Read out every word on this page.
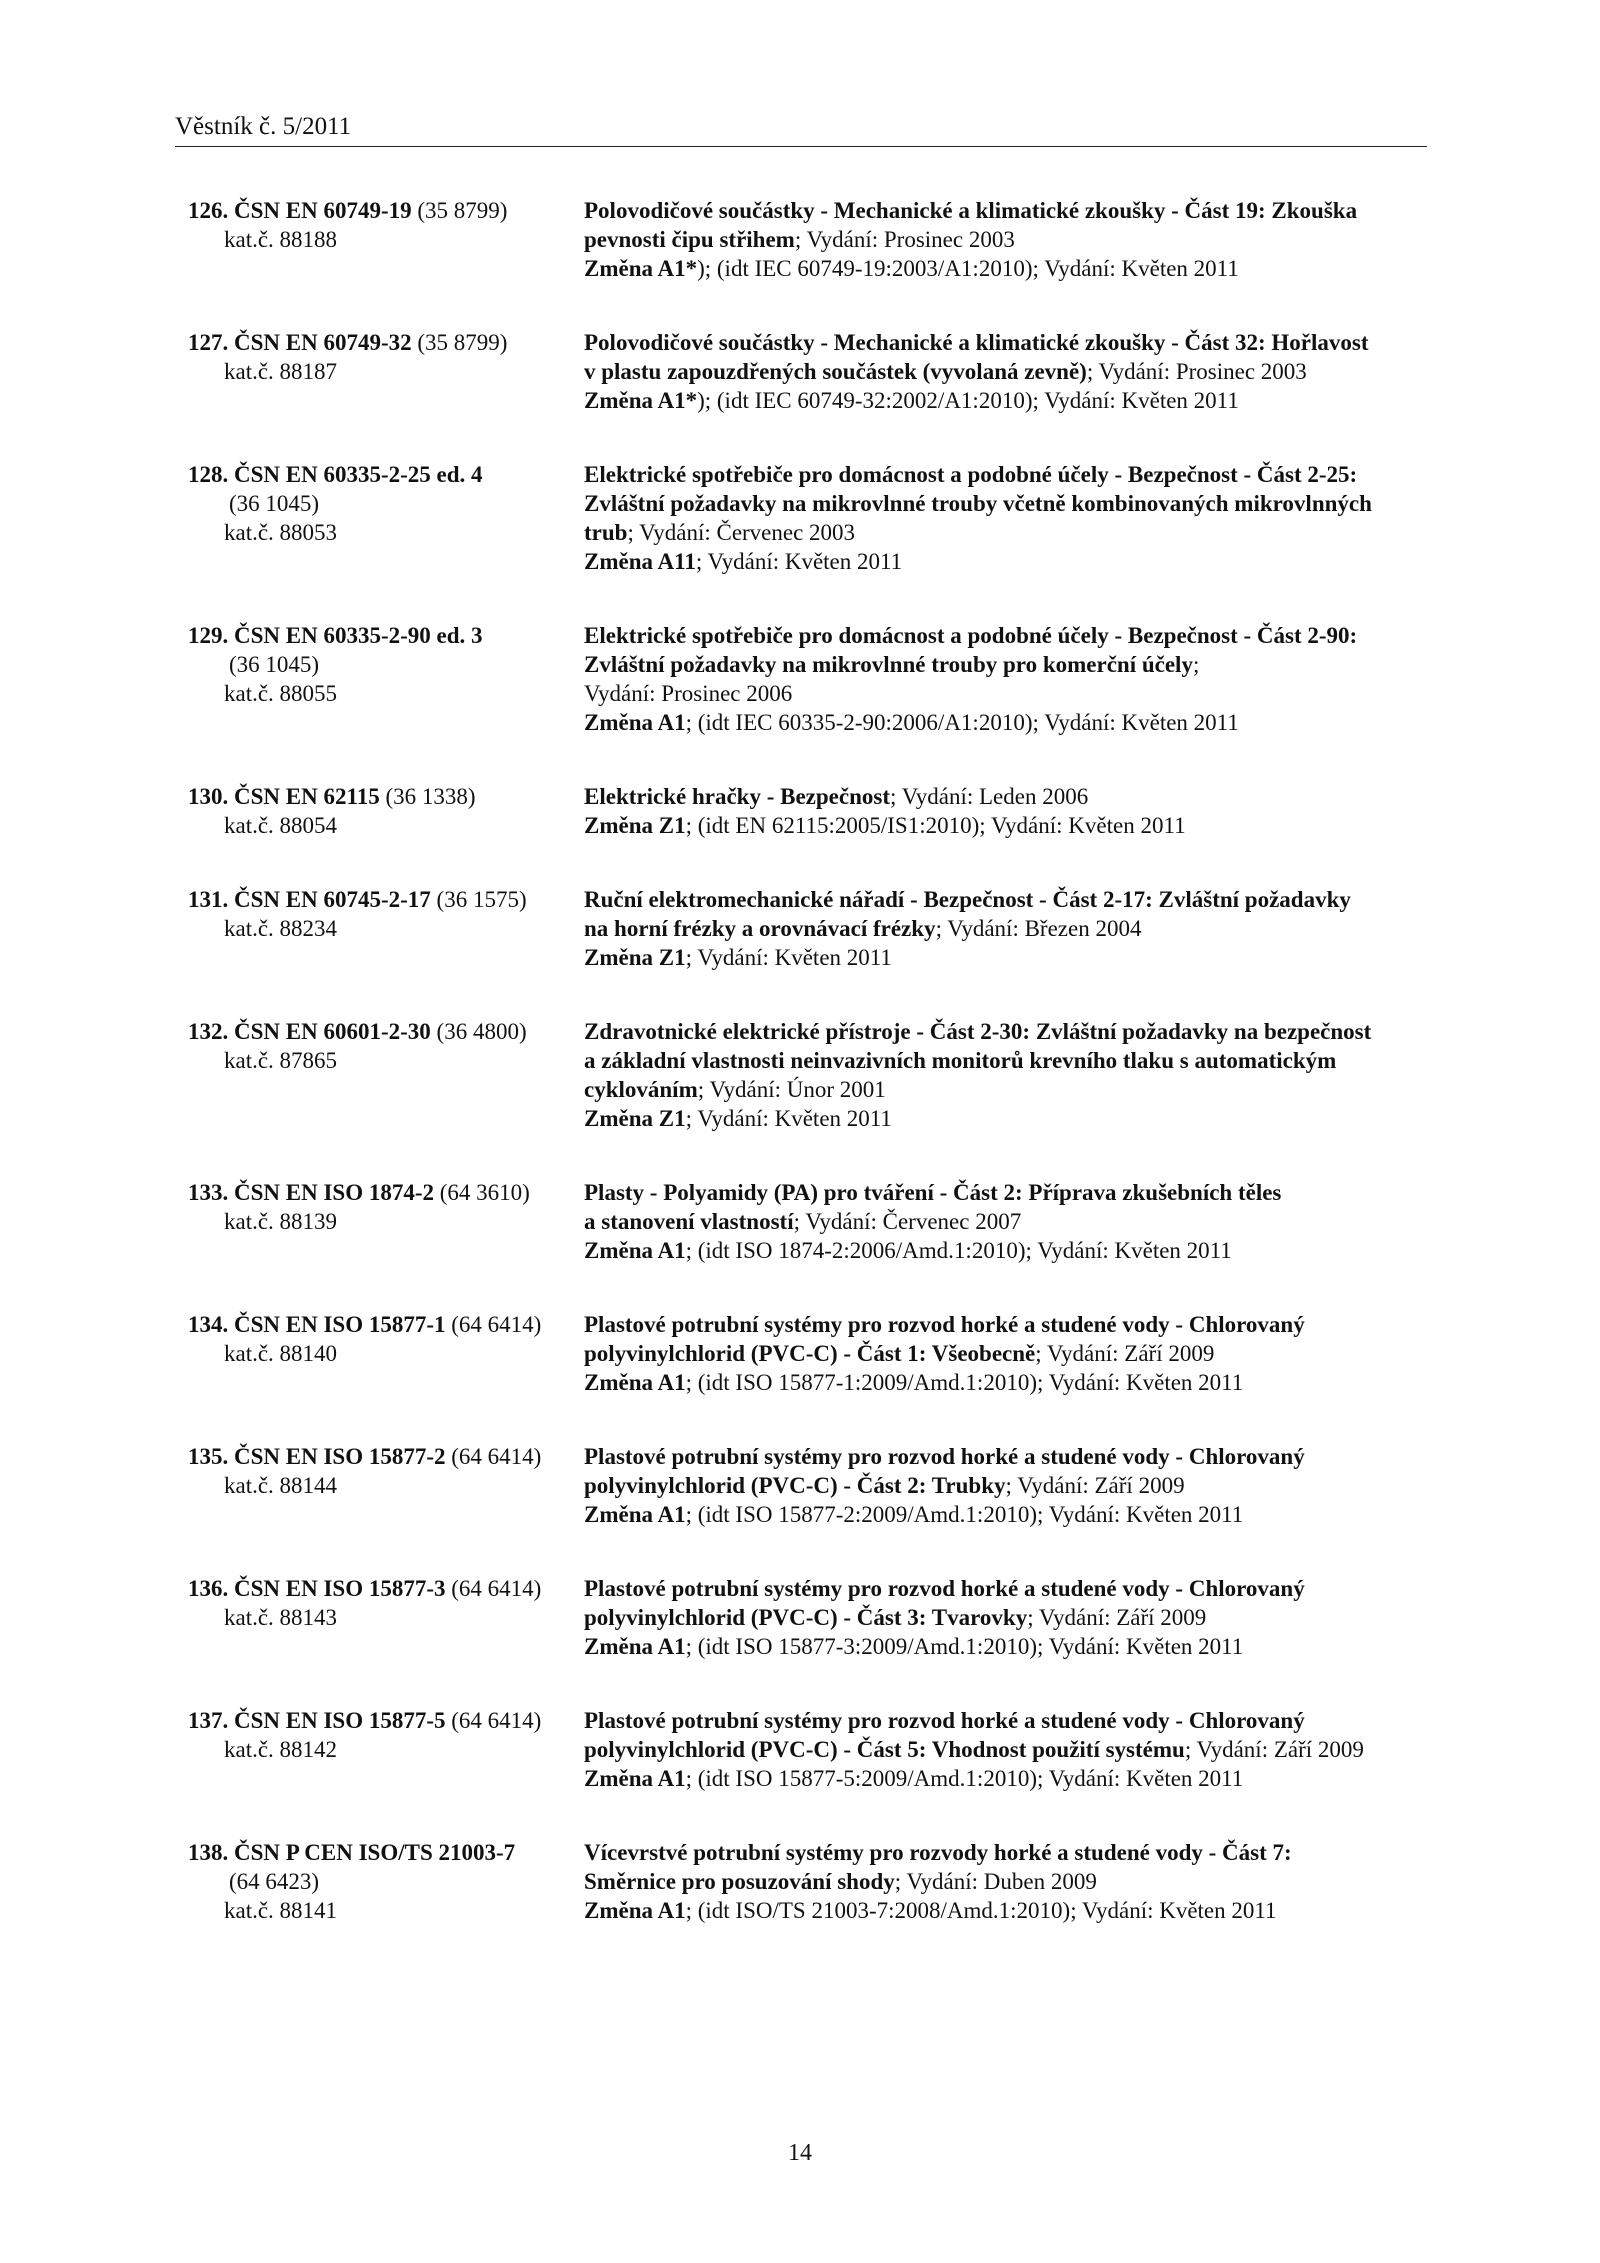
Věstník č. 5/2011
126. ČSN EN 60749-19 (35 8799)
kat.č. 88188
Polovodičové součástky - Mechanické a klimatické zkoušky - Část 19: Zkouška
pevnosti čipu střihem; Vydání: Prosinec 2003
Změna A1*); (idt IEC 60749-19:2003/A1:2010); Vydání: Květen 2011
127. ČSN EN 60749-32 (35 8799)
kat.č. 88187
Polovodičové součástky - Mechanické a klimatické zkoušky - Část 32: Hořlavost
v plastu zapouzdřených součástek (vyvolaná zevně); Vydání: Prosinec 2003
Změna A1*); (idt IEC 60749-32:2002/A1:2010); Vydání: Květen 2011
128. ČSN EN 60335-2-25 ed. 4
(36 1045)
kat.č. 88053
Elektrické spotřebiče pro domácnost a podobné účely - Bezpečnost - Část 2-25:
Zvláštní požadavky na mikrovlnné trouby včetně kombinovaných mikrovlnných
trub; Vydání: Červenec 2003
Změna A11; Vydání: Květen 2011
129. ČSN EN 60335-2-90 ed. 3
(36 1045)
kat.č. 88055
Elektrické spotřebiče pro domácnost a podobné účely - Bezpečnost - Část 2-90:
Zvláštní požadavky na mikrovlnné trouby pro komerční účely;
Vydání: Prosinec 2006
Změna A1; (idt IEC 60335-2-90:2006/A1:2010); Vydání: Květen 2011
130. ČSN EN 62115 (36 1338)
kat.č. 88054
Elektrické hračky - Bezpečnost; Vydání: Leden 2006
Změna Z1; (idt EN 62115:2005/IS1:2010); Vydání: Květen 2011
131. ČSN EN 60745-2-17 (36 1575)
kat.č. 88234
Ruční elektromechanické nářadí - Bezpečnost - Část 2-17: Zvláštní požadavky
na horní frézky a orovnávací frézky; Vydání: Březen 2004
Změna Z1; Vydání: Květen 2011
132. ČSN EN 60601-2-30 (36 4800)
kat.č. 87865
Zdravotnické elektrické přístroje - Část 2-30: Zvláštní požadavky na bezpečnost
a základní vlastnosti neinvazivních monitorů krevního tlaku s automatickým
cyklováním; Vydání: Únor 2001
Změna Z1; Vydání: Květen 2011
133. ČSN EN ISO 1874-2 (64 3610)
kat.č. 88139
Plasty - Polyamidy (PA) pro tváření - Část 2: Příprava zkušebních těles
a stanovení vlastností; Vydání: Červenec 2007
Změna A1; (idt ISO 1874-2:2006/Amd.1:2010); Vydání: Květen 2011
134. ČSN EN ISO 15877-1 (64 6414)
kat.č. 88140
Plastové potrubní systémy pro rozvod horké a studené vody - Chlorovaný
polyvinylchlorid (PVC-C) - Část 1: Všeobecně; Vydání: Září 2009
Změna A1; (idt ISO 15877-1:2009/Amd.1:2010); Vydání: Květen 2011
135. ČSN EN ISO 15877-2 (64 6414)
kat.č. 88144
Plastové potrubní systémy pro rozvod horké a studené vody - Chlorovaný
polyvinylchlorid (PVC-C) - Část 2: Trubky; Vydání: Září 2009
Změna A1; (idt ISO 15877-2:2009/Amd.1:2010); Vydání: Květen 2011
136. ČSN EN ISO 15877-3 (64 6414)
kat.č. 88143
Plastové potrubní systémy pro rozvod horké a studené vody - Chlorovaný
polyvinylchlorid (PVC-C) - Část 3: Tvarovky; Vydání: Září 2009
Změna A1; (idt ISO 15877-3:2009/Amd.1:2010); Vydání: Květen 2011
137. ČSN EN ISO 15877-5 (64 6414)
kat.č. 88142
Plastové potrubní systémy pro rozvod horké a studené vody - Chlorovaný
polyvinylchlorid (PVC-C) - Část 5: Vhodnost použití systému; Vydání: Září 2009
Změna A1; (idt ISO 15877-5:2009/Amd.1:2010); Vydání: Květen 2011
138. ČSN P CEN ISO/TS 21003-7
(64 6423)
kat.č. 88141
Vícevrstvé potrubní systémy pro rozvody horké a studené vody - Část 7:
Směrnice pro posuzování shody; Vydání: Duben 2009
Změna A1; (idt ISO/TS 21003-7:2008/Amd.1:2010); Vydání: Květen 2011
14
